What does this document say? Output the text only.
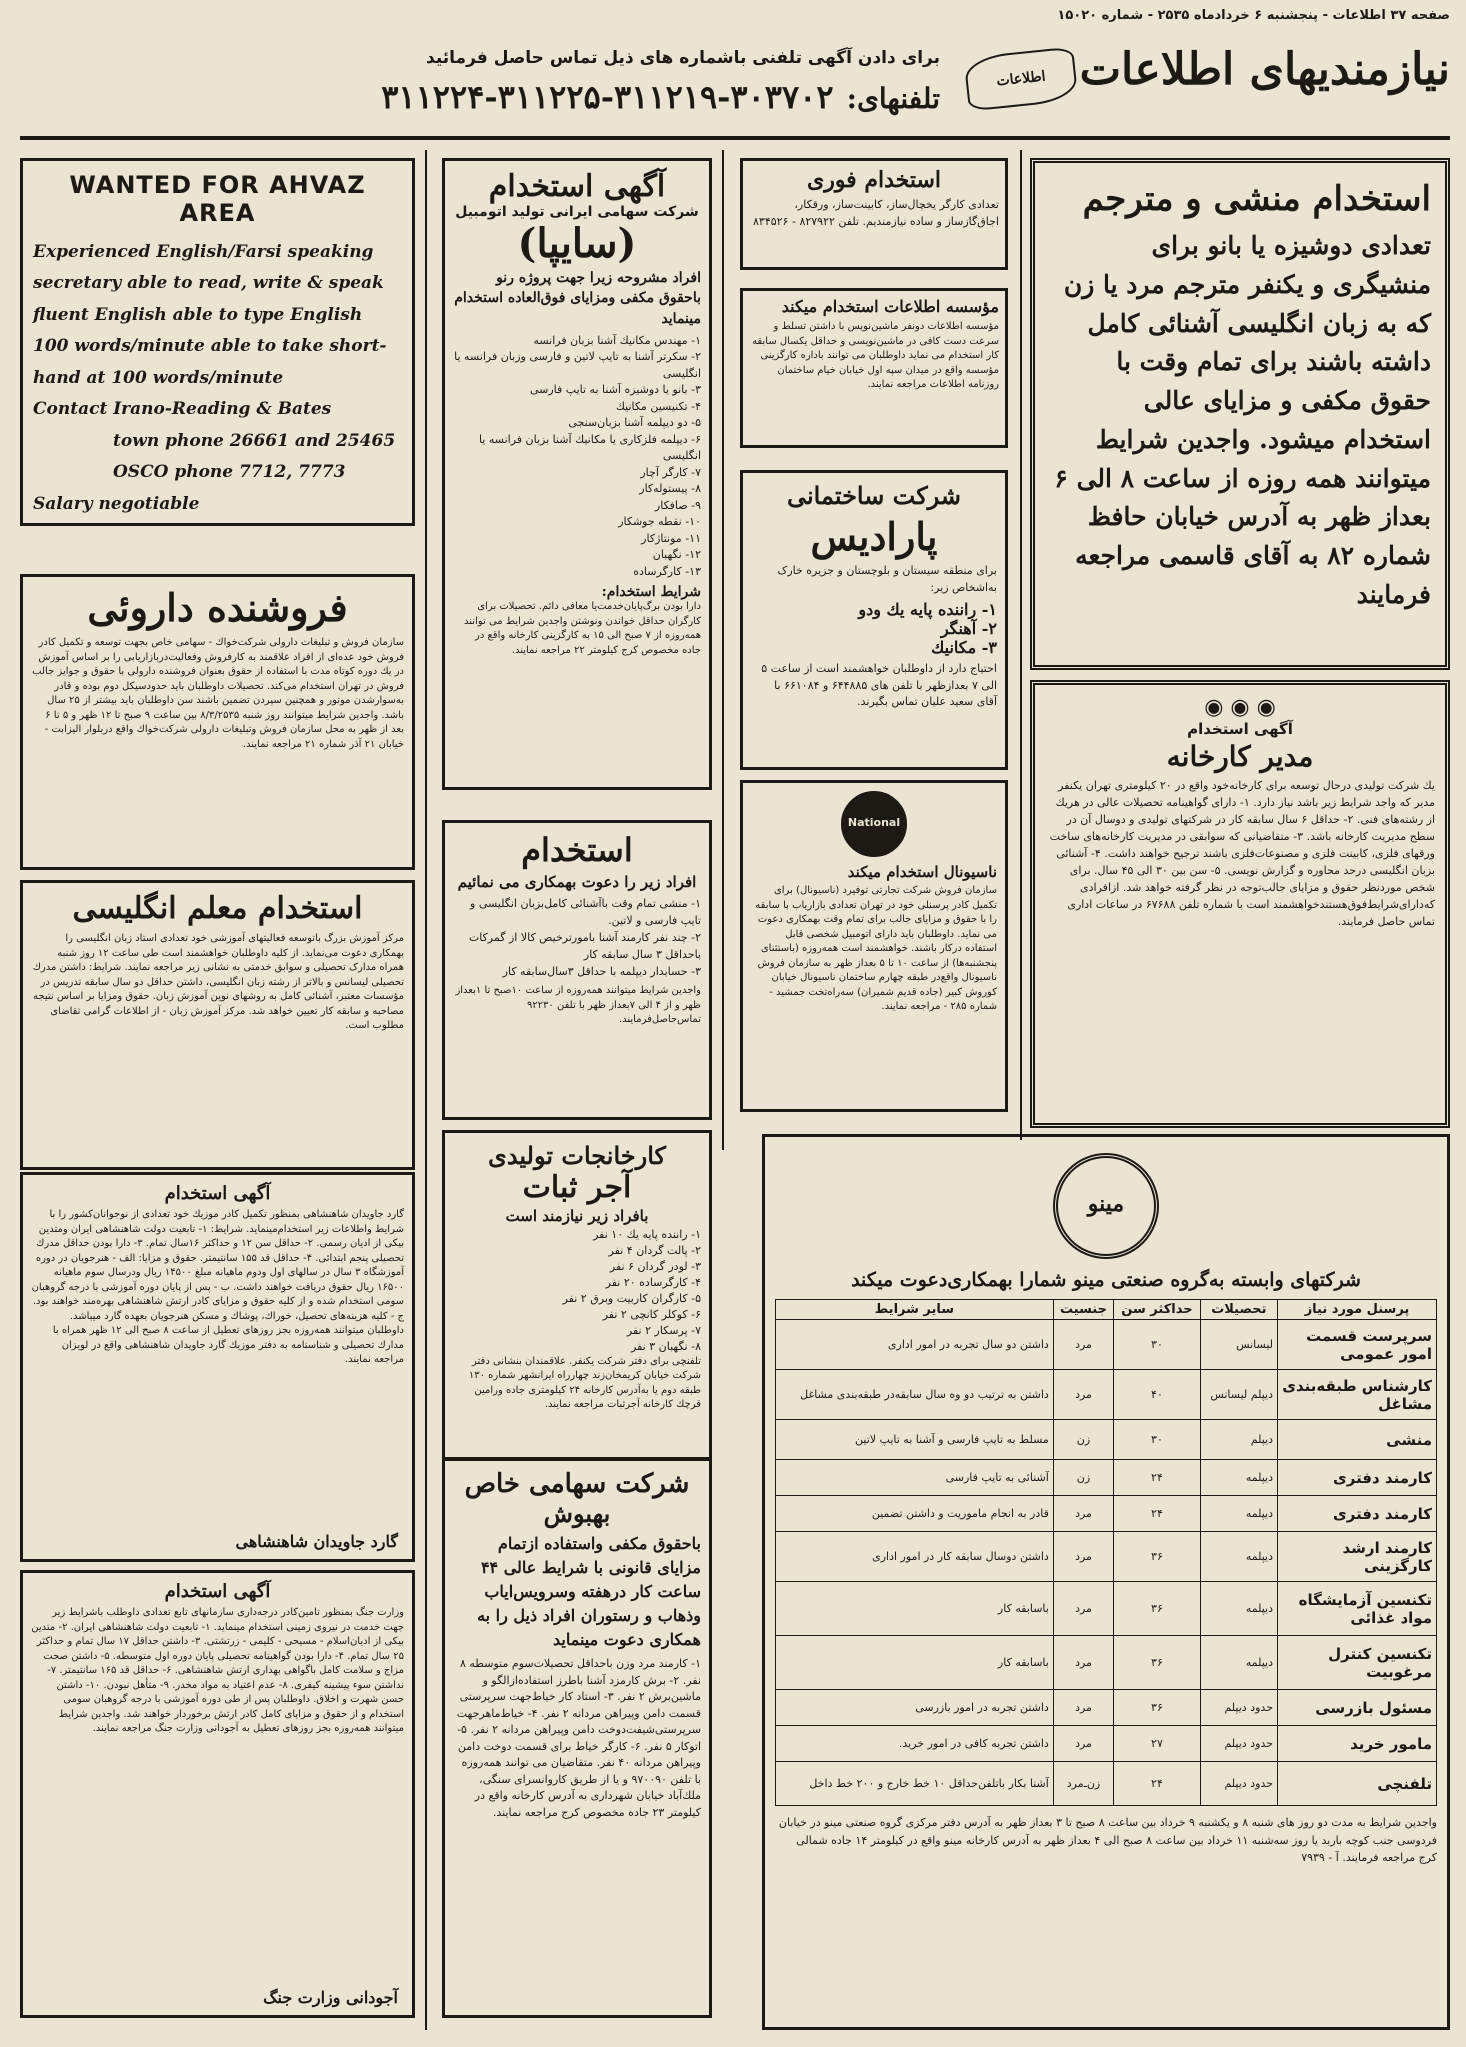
صفحه ۳۷ اطلاعات - پنجشنبه ۶ خردادماه ۲۵۳۵ - شماره ۱۵۰۲۰
نیازمندیهای اطلاعات
اطلاعات
برای دادن آگهی تلفنی باشماره های ذیل تماس حاصل فرمائید
تلفنهای: ۳۰۳۷۰۲-۳۱۱۲۱۹-۳۱۱۲۲۵-۳۱۱۲۲۴
استخدام منشی و مترجم
تعدادی دوشیزه یا بانو برای منشیگری و یکنفر مترجم مرد یا زن که به زبان انگلیسی آشنائی کامل داشته باشند برای تمام وقت با حقوق مکفی و مزایای عالی استخدام میشود. واجدین شرایط میتوانند همه روزه از ساعت ۸ الی ۶ بعداز ظهر به آدرس خیابان حافظ شماره ۸۲ به آقای قاسمی مراجعه فرمایند
◉ ◉ ◉
آگهی استخدام
مدیر کارخانه
یك شرکت تولیدی درحال توسعه برای کارخانه‌خود واقع در ۲۰ کیلومتری تهران یکنفر مدیر که واجد شرایط زیر باشد نیاز دارد. ۱- دارای گواهینامه تحصیلات عالی در هریك از رشته‌های فنی. ۲- حداقل ۶ سال سابقه کار در شرکتهای تولیدی و دوسال آن در سطح مدیریت کارخانه باشد. ۳- متقاضیانی که سوابقی در مدیریت کارخانه‌های ساخت ورقهای فلزی، کابینت فلزی و مصنوعات‌فلزی باشند ترجیح خواهند داشت. ۴- آشنائی بزبان انگلیسی درحد محاوره و گزارش نویسی. ۵- سن بین ۳۰ الی ۴۵ سال. برای شخص مورد‌نظر حقوق و مزایای جالب‌توجه در نظر گرفته خواهد شد. ازافرادی که‌دارای‌شرایط‌فوق‌هستند‌خواهشمند است با شماره تلفن ۶۷۶۸۸ در ساعات اداری تماس حاصل فرمایند.
استخدام فوری
تعدادی کارگر یخچال‌ساز، کابینت‌ساز، ورقکار، اجاق‌گازساز و ساده نیازمندیم. تلفن ۸۲۷۹۲۲ - ۸۳۴۵۲۶
مؤسسه اطلاعات استخدام میکند
مؤسسه اطلاعات دونفر ماشین‌نویس با داشتن تسلط و سرعت دست کافی در ماشین‌نویسی و حداقل یکسال سابقه کار استخدام می نماید داوطلبان می توانند باداره کارگزینی مؤسسه واقع در میدان سپه اول خیابان خیام ساختمان روزنامه اطلاعات مراجعه نمایند.
شرکت ساختمانی
پارادیس
برای منطقه سیستان و بلوچستان و جزیره خارک به‌اشخاص زیر:
۱- راننده پایه یك ودو
۲- آهنگر
۳- مکانیك
احتیاج دارد از داوطلبان خواهشمند است از ساعت ۵ الی ۷ بعدازظهر با تلفن های ۶۴۴۸۸۵ و ۶۶۱۰۸۴ با آقای سعید علیان تماس بگیرند.
National
ناسیونال استخدام میکند
سازمان فروش شرکت تجارتی توفیرد (ناسیونال) برای تکمیل کادر پرسنلی خود در تهران تعدادی بازاریاب با سابقه را با حقوق و مزایای جالب برای تمام وقت بهمکاری دعوت می نماید. داوطلبان باید دارای اتومبیل شخصی قابل استفاده درکار باشند. خواهشمند است همه‌روزه (باستثنای پنجشنبه‌ها) از ساعت ۱۰ تا ۵ بعداز ظهر به سازمان فروش ناسیونال واقع‌در طبقه چهارم ساختمان ناسیونال خیابان کوروش کبیر (جاده قدیم شمیران) سه‌راه‌تخت جمشید - شماره ۲۸۵ - مراجعه نمایند.
آگهی استخدام
شرکت سهامی ایرانی تولید اتومبیل
(سایپا)
افراد مشروحه زیرا جهت پروژه رنو باحقوق مکفی ومزایای فوق‌العاده استخدام مینماید
۱- مهندس مکانیك آشنا بزبان فرانسه
۲- سکرتر آشنا به تایپ لاتین و فارسی وزبان فرانسه یا انگلیسی
۳- بانو یا دوشیزه آشنا به تایپ فارسی
۴- تکنیسین مکانیك
۵- دو دیپلمه آشنا بزبان‌سنجی
۶- دیپلمه فلزکاری یا مکانیك آشنا بزبان فرانسه یا انگلیسی
۷- کارگر آچار
۸- پیستوله‌کار
۹- صافکار
۱۰- نقطه جوشکار
۱۱- مونتاژکار
۱۲- نگهبان
۱۳- کارگرساده
شرایط استخدام:
دارا بودن برگ‌پایان‌خدمت‌یا معافی دائم. تحصیلات برای کارگران حداقل خواندن ونوشتن واجدین شرایط می توانند همه‌روزه از ۷ صبح الی ۱۵ به کارگزینی کارخانه واقع در جاده مخصوص کرج کیلومتر ۲۲ مراجعه نمایند.
استخدام
افراد زیر را دعوت بهمکاری می نمائیم
۱- منشی تمام وقت باآشنائی کامل‌بزبان انگلیسی و تایپ فارسی و لاتین.
۲- چند نفر کارمند آشنا بامورترخیص کالا از گمرکات باحداقل ۳ سال سابقه کار
۳- حسابدار دیپلمه با حداقل ۳سال‌سابقه کار
واجدین شرایط میتوانند همه‌روزه از ساعت ۱۰صبح تا ۱بعداز ظهر و از ۴ الی ۷بعداز ظهر با تلفن ۹۲۲۳۰ تماس‌حاصل‌فرمایند.
کارخانجات تولیدی
آجر ثبات
بافراد زیر نیازمند است
۱- راننده پایه یك ۱۰ نفر
۲- پالت گردان ۴ نفر
۳- لودر گردان ۶ نفر
۴- کارگرساده ۲۰ نفر
۵- کارگران کاربیت وبرق ۲ نفر
۶- کوکلر کانچی ۲ نفر
۷- پرسکار ۲ نفر
۸- نگهبان ۳ نفر
تلفنچی برای دفتر شرکت یکنفر. علاقمندان بنشانی دفتر شرکت خیابان کریمخان‌زند چهارراه ایرانشهر شماره ۱۳۰ طبقه دوم یا به‌آدرس کارخانه ۲۴ کیلومتری جاده ورامین قرچك کارخانه آجرثبات مراجعه نمایند.
شرکت سهامی خاص
بهبوش
باحقوق مکفی واستفاده ازتمام مزایای قانونی با شرایط عالی ۴۴ ساعت کار درهفته وسرویس‌اياب وذهاب و رستوران افراد ذیل را به همکاری دعوت مینماید
۱- کارمند مرد وزن باحداقل تحصیلات‌سوم متوسطه ۸ نفر. ۲- برش کارمزد آشنا باطرز استفاده‌ازالگو و ماشین‌برش ۲ نفر. ۳- استاد کار خیاط‌جهت سرپرستی قسمت دامن وپیراهن مردانه ۲ نفر. ۴- خیاط‌ماهرجهت سرپرستی‌شیفت‌دوخت دامن وپیراهن مردانه ۲ نفر. ۵- اتوکار ۵ نفر. ۶- کارگر خیاط برای قسمت دوخت دامن وپیراهن مردانه ۴۰ نفر. متقاضیان می توانند همه‌روزه با تلفن ۹۷۰۰۹۰ و یا از طریق کاروانسرای سنگی، ملك‌آباد خیابان شهرداری به آدرس کارخانه واقع در کیلومتر ۲۳ جاده مخصوص کرج مراجعه نمایند.
WANTED FOR AHVAZ AREA
Experienced English/Farsi speaking
secretary able to read, write & speak
fluent English able to type English
100 words/minute able to take short-
hand at 100 words/minute
Contact Irano-Reading & Bates
town phone 26661 and 25465
OSCO phone 7712, 7773
Salary negotiable
فروشنده داروئی
سازمان فروش و تبلیغات دارولی شرکت‌خواك - سهامی خاص بجهت توسعه و تکمیل کادر فروش خود عده‌ای از افراد علاقمند به کارفروش وفعالیت‌دربازاریابی را بر اساس آموزش در یك دوره کوتاه مدت با استفاده از حقوق بعنوان فروشنده دارولی با حقوق و جوایز جالب فروش در تهران استخدام می‌کند. تحصیلات داوطلبان باید حدودسیکل دوم بوده و قادر به‌سوارشدن موتور و همچنین سپردن تضمین باشند سن داوطلبان باید بیشتر از ۲۵ سال باشد. واجدین شرایط میتوانند روز شنبه ۸/۳/۲۵۳۵ بین ساعت ۹ صبح تا ۱۲ ظهر و ۵ تا ۶ بعد از ظهر به محل سازمان فروش وتبلیغات دارولی شرکت‌خواك واقع دربلوار الیزابت - خیابان ۲۱ آذر شماره ۲۱ مراجعه نمایند.
استخدام معلم انگلیسی
مرکز آموزش بزرگ باتوسعه فعالیتهای آموزشی خود تعدادی استاد زبان انگلیسی را بهمکاری دعوت می‌نماید. از کلیه داوطلبان خواهشمند است طی ساعت ۱۲ روز شنبه همراه مدارک تحصیلی و سوابق خدمتی به نشانی زیر مراجعه نمایند. شرایط: داشتن مدرك تحصیلی لیسانس و بالاتر از رشته زبان انگلیسی، داشتن حداقل دو سال سابقه تدریس در مؤسسات معتبر، آشنائی کامل به روشهای نوین آموزش زبان. حقوق ومزایا بر اساس نتیجه مصاحبه و سابقه کار تعیین خواهد شد. مرکز آموزش زبان - از اطلاعات گرامی تقاضای مطلوب است.
آگهی استخدام
گارد جاویدان شاهنشاهی بمنظور تکمیل کادر موزیك خود تعدادی از نوجوانان‌کشور را با شرایط واطلاعات زیر استخدام‌مینماید. شرایط: ۱- تابعیت دولت شاهنشاهی ایران ومتدین بیکی از ادیان رسمی. ۲- حداقل سن ۱۲ و حداکثر ۱۶سال تمام. ۳- دارا بودن حداقل مدرك تحصیلی پنجم ابتدائی. ۴- حداقل قد ۱۵۵ سانتیمتر. حقوق و مزایا: الف - هنرجویان در دوره آموزشگاه ۳ سال در سالهای اول ودوم ماهیانه مبلغ ۱۴۵۰۰ ریال ودرسال سوم ماهیانه ۱۶۵۰۰ ریال حقوق دریافت خواهند داشت. ب - پس از پایان دوره آموزشی با درجه گروهبان سومی استخدام شده و از کلیه حقوق و مزایای کادر ارتش شاهنشاهی بهره‌مند خواهند بود. ج - کلیه هزینه‌های تحصیل، خوراك، پوشاك و مسکن هنرجویان بعهده گارد میباشد. داوطلبان میتوانند همه‌روزه بجز روزهای تعطیل از ساعت ۸ صبح الی ۱۲ ظهر همراه با مدارك تحصیلی و شناسنامه به دفتر موزیك گارد جاویدان شاهنشاهی واقع در لویزان مراجعه نمایند.
گارد جاویدان شاهنشاهی
آگهی استخدام
وزارت جنگ بمنظور تامین‌کادر درجه‌داری سازمانهای تابع تعدادی داوطلب باشرایط زیر جهت خدمت در نیروی زمینی استخدام مینماید. ۱- تابعیت دولت شاهنشاهی ایران. ۲- متدین بیکی از ادیان‌اسلام - مسیحی - کلیمی - زرتشتی. ۳- داشتن حداقل ۱۷ سال تمام و حداکثر ۲۵ سال تمام. ۴- دارا بودن گواهینامه تحصیلی پایان دوره اول متوسطه. ۵- داشتن صحت مزاج و سلامت کامل باگواهی بهداری ارتش شاهنشاهی. ۶- حداقل قد ۱۶۵ سانتیمتر. ۷- نداشتن سوء پیشینه کیفری. ۸- عدم اعتیاد به مواد مخدر. ۹- متأهل نبودن. ۱۰- داشتن حسن شهرت و اخلاق. داوطلبان پس از طی دوره آموزشی با درجه گروهبان سومی استخدام و از حقوق و مزایای کامل کادر ارتش برخوردار خواهند شد. واجدین شرایط میتوانند همه‌روزه بجز روزهای تعطیل به آجودانی وزارت جنگ مراجعه نمایند.
آجودانی وزارت جنگ
مینو
شرکتهای وابسته به‌گروه صنعتی مینو شمارا بهمکاری‌دعوت میکند
پرسنل مورد نیاز	تحصیلات	حداکثر سن	جنسیت	سایر شرایط
سرپرست قسمت امور عمومی	لیسانس	۳۰	مرد	داشتن دو سال تجربه در امور اداری
کارشناس طبقه‌بندی مشاغل	دیپلم لیسانس	۴۰	مرد	داشتن به ترتیب دو وه سال سابقه‌در طبقه‌بندی مشاغل
منشی	دیپلم	۳۰	زن	مسلط به تایپ فارسی و آشنا به تایپ لاتین
کارمند دفتری	دیپلمه	۲۴	زن	آشنائی به تایپ فارسی
کارمند دفتری	دیپلمه	۲۴	مرد	قادر به انجام ماموریت و داشتن تضمین
کارمند ارشد کارگزینی	دیپلمه	۳۶	مرد	داشتن دوسال سابقه کار در امور اداری
تکنسین آزمایشگاه مواد غذائی	دیپلمه	۳۶	مرد	باسابقه کار
تکنسین کنترل مرغوبیت	دیپلمه	۳۶	مرد	باسابقه کار
مسئول بازرسی	حدود دیپلم	۳۶	مرد	داشتن تجربه در امور بازرسی
مامور خرید	حدود دیپلم	۲۷	مرد	داشتن تجربه کافی در امور خرید.
تلفنچی	حدود دیپلم	۲۴	زن‌ـ‌مرد	آشنا بکار باتلفن‌حداقل ۱۰ خط خارج و ۲۰۰ خط داخل
واجدین شرایط به مدت دو روز های شنبه ۸ و یکشنبه ۹ خرداد بین ساعت ۸ صبح تا ۳ بعداز ظهر به آدرس دفتر مرکزی گروه صنعتی مینو در خیابان فردوسی جنب کوچه باربد یا روز سه‌شنبه ۱۱ خرداد بین ساعت ۸ صبح الی ۴ بعداز ظهر به آدرس کارخانه مینو واقع در کیلومتر ۱۴ جاده شمالی کرج مراجعه فرمایند. آ - ۷۹۳۹
